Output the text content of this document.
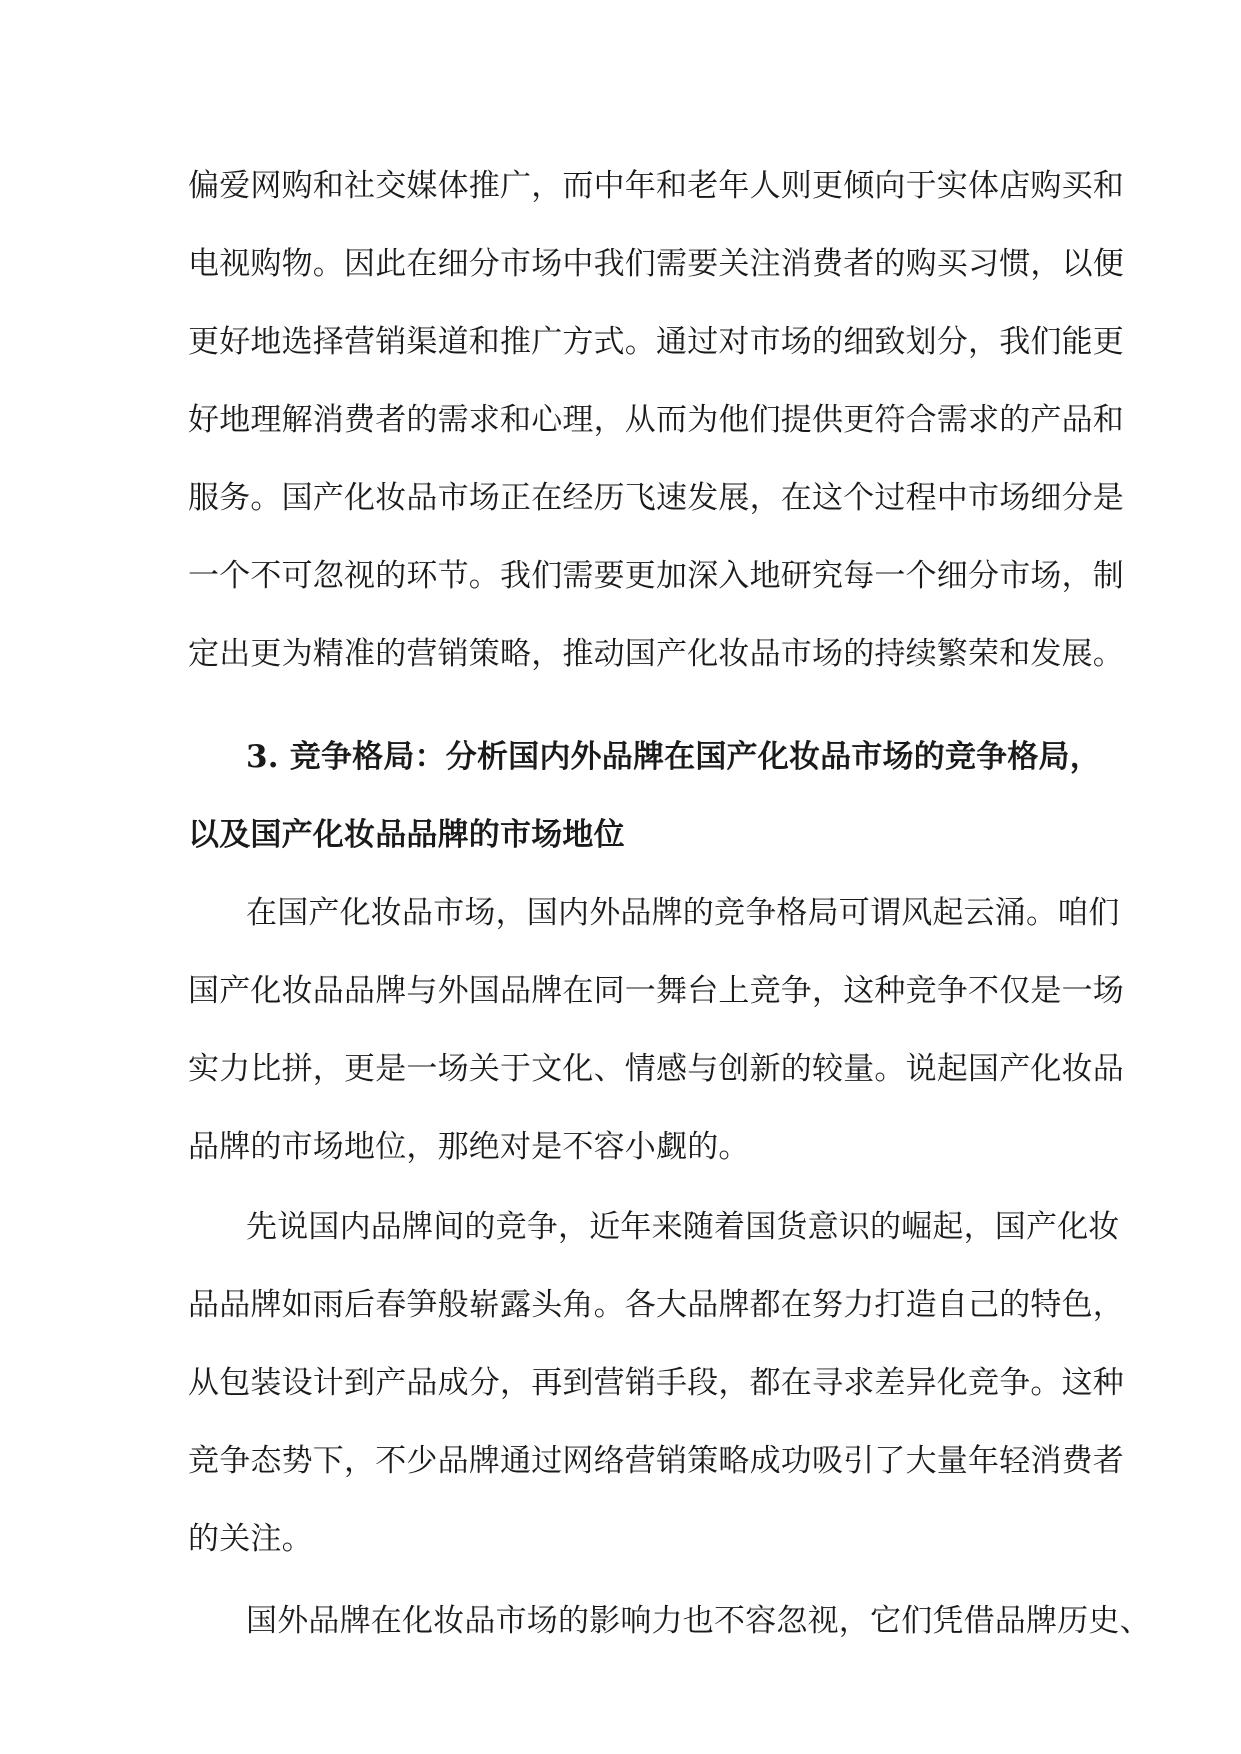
偏爱网购和社交媒体推广，而中年和老年人则更倾向于实体店购买和
电视购物。因此在细分市场中我们需要关注消费者的购买习惯，以便
更好地选择营销渠道和推广方式。通过对市场的细致划分，我们能更
好地理解消费者的需求和心理，从而为他们提供更符合需求的产品和
服务。国产化妆品市场正在经历飞速发展，在这个过程中市场细分是
一个不可忽视的环节。我们需要更加深入地研究每一个细分市场，制
定出更为精准的营销策略，推动国产化妆品市场的持续繁荣和发展。
3. 竞争格局：分析国内外品牌在国产化妆品市场的竞争格局，
以及国产化妆品品牌的市场地位
在国产化妆品市场，国内外品牌的竞争格局可谓风起云涌。咱们
国产化妆品品牌与外国品牌在同一舞台上竞争，这种竞争不仅是一场
实力比拼，更是一场关于文化、情感与创新的较量。说起国产化妆品
品牌的市场地位，那绝对是不容小觑的。
先说国内品牌间的竞争，近年来随着国货意识的崛起，国产化妆
品品牌如雨后春笋般崭露头角。各大品牌都在努力打造自己的特色，
从包装设计到产品成分，再到营销手段，都在寻求差异化竞争。这种
竞争态势下，不少品牌通过网络营销策略成功吸引了大量年轻消费者
的关注。
国外品牌在化妆品市场的影响力也不容忽视，它们凭借品牌历史、
